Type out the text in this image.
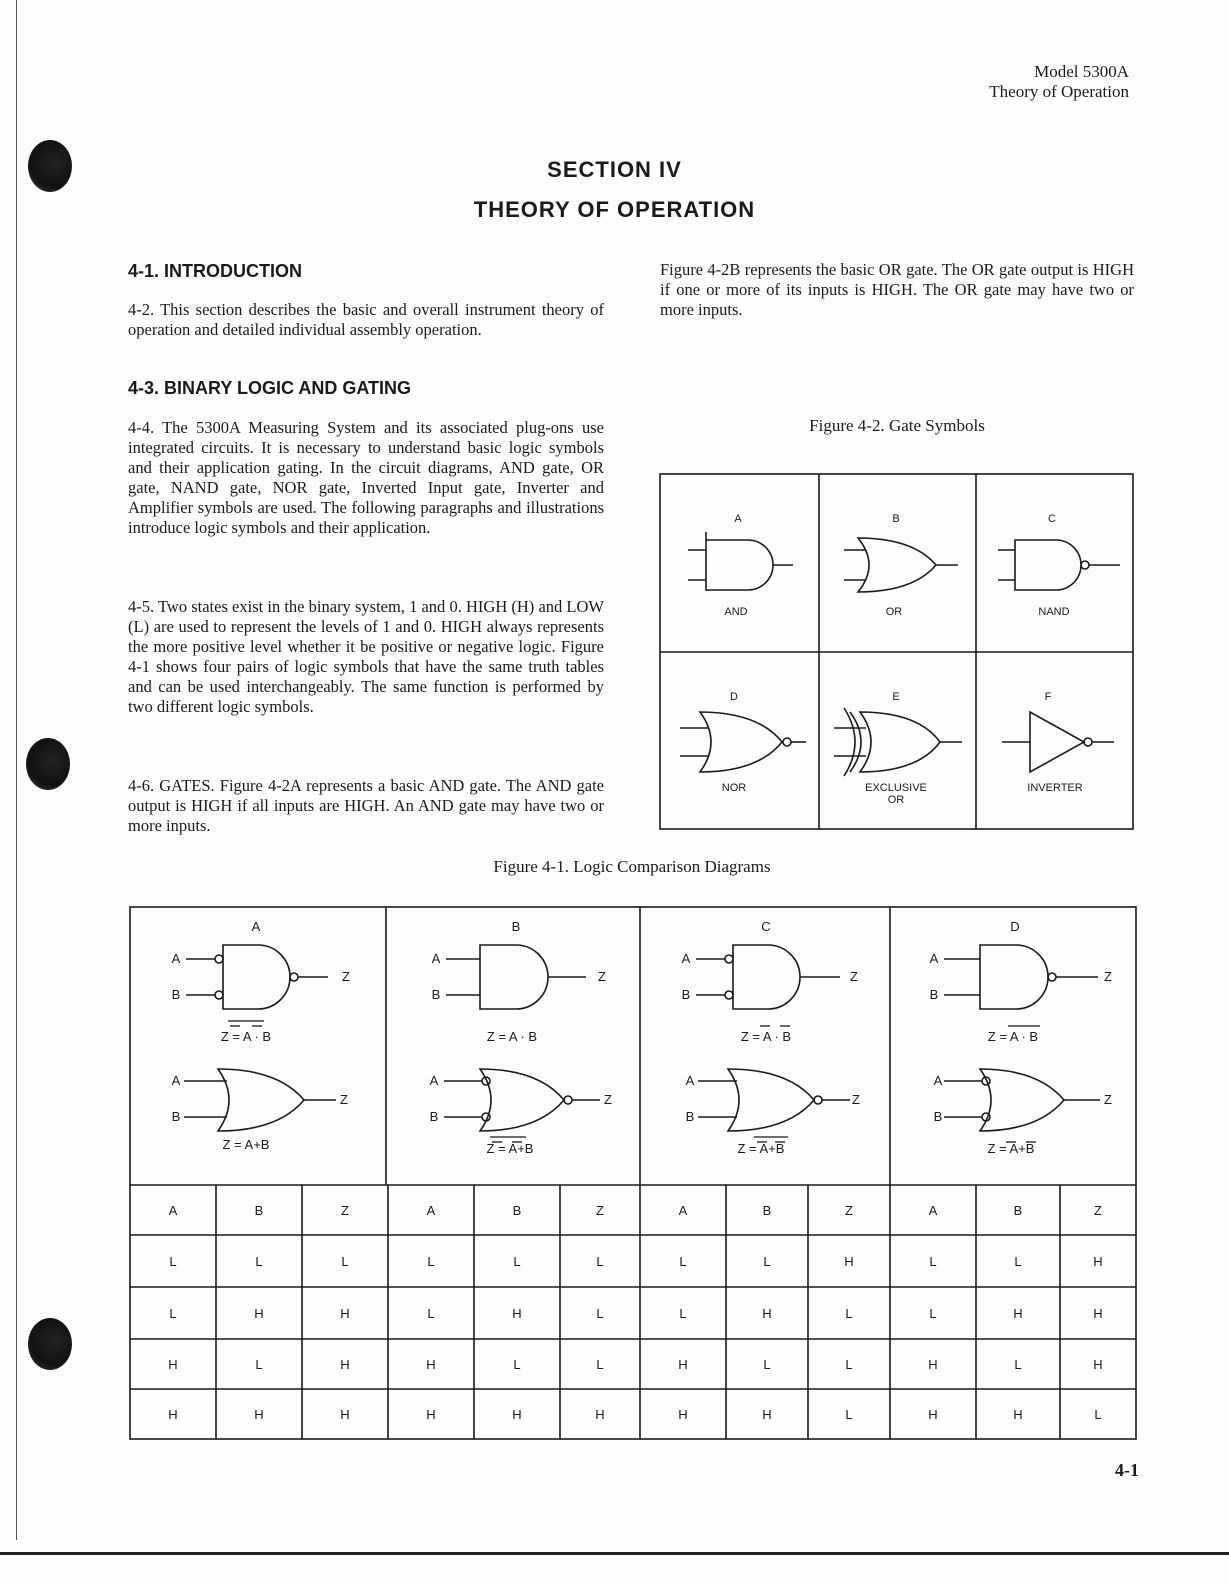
Model 5300A
Theory of Operation
SECTION IV
THEORY OF OPERATION
4-1. INTRODUCTION
4-2. This section describes the basic and overall instrument theory of operation and detailed individual assembly operation.
4-3. BINARY LOGIC AND GATING
4-4. The 5300A Measuring System and its associated plug-ons use integrated circuits. It is necessary to understand basic logic symbols and their application gating. In the circuit diagrams, AND gate, OR gate, NAND gate, NOR gate, Inverted Input gate, Inverter and Amplifier symbols are used. The following paragraphs and illustrations introduce logic symbols and their application.
4-5. Two states exist in the binary system, 1 and 0. HIGH (H) and LOW (L) are used to represent the levels of 1 and 0. HIGH always represents the more positive level whether it be positive or negative logic. Figure 4-1 shows four pairs of logic symbols that have the same truth tables and can be used interchangeably. The same function is performed by two different logic symbols.
4-6. GATES. Figure 4-2A represents a basic AND gate. The AND gate output is HIGH if all inputs are HIGH. An AND gate may have two or more inputs.
Figure 4-2B represents the basic OR gate. The OR gate output is HIGH if one or more of its inputs is HIGH. The OR gate may have two or more inputs.
Figure 4-2. Gate Symbols
A
AND
B
OR
C
NAND
D
NOR
E
EXCLUSIVE
OR
F
INVERTER
Figure 4-1. Logic Comparison Diagrams
A	B	C	D
A
B
Z
Z = A · B
A
B
Z
Z = A+B
A
B
Z
Z = A · B
A
B
Z
Z = A+B
A
B
Z
Z = A · B
A
B
Z
Z = A+B
A
B
Z
Z = A · B
A
B
Z
Z = A+B
A	B	Z	A	B	Z	A	B	Z	A	B	Z
L	L	L	L	L	L	L	L	H	L	L	H
L	H	H	L	H	L	L	H	L	L	H	H
H	L	H	H	L	L	H	L	L	H	L	H
H	H	H	H	H	H	H	H	L	H	H	L
4-1
